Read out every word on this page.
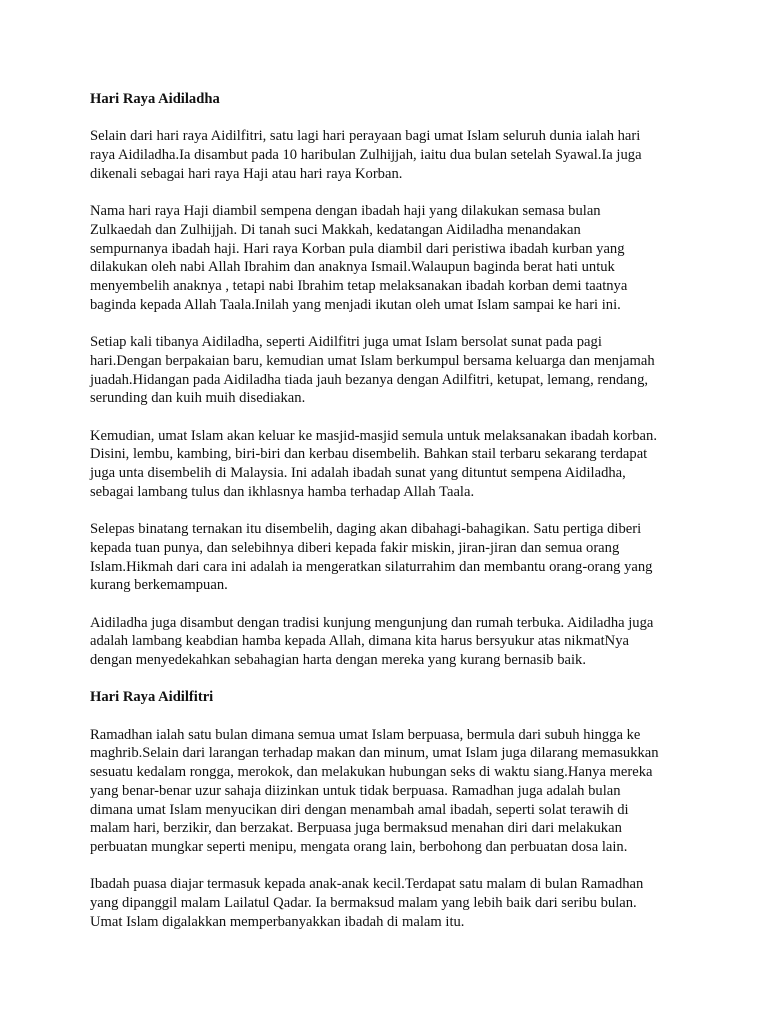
Hari Raya Aidiladha
Selain dari hari raya Aidilfitri, satu lagi hari perayaan bagi umat Islam seluruh dunia ialah hari
raya Aidiladha.Ia disambut pada 10 haribulan Zulhijjah, iaitu dua bulan setelah Syawal.Ia juga
dikenali sebagai hari raya Haji atau hari raya Korban.
Nama hari raya Haji diambil sempena dengan ibadah haji yang dilakukan semasa bulan
Zulkaedah dan Zulhijjah. Di tanah suci Makkah, kedatangan Aidiladha menandakan
sempurnanya ibadah haji. Hari raya Korban pula diambil dari peristiwa ibadah kurban yang
dilakukan oleh nabi Allah Ibrahim dan anaknya Ismail.Walaupun baginda berat hati untuk
menyembelih anaknya , tetapi nabi Ibrahim tetap melaksanakan ibadah korban demi taatnya
baginda kepada Allah Taala.Inilah yang menjadi ikutan oleh umat Islam sampai ke hari ini.
Setiap kali tibanya Aidiladha, seperti Aidilfitri juga umat Islam bersolat sunat pada pagi
hari.Dengan berpakaian baru, kemudian umat Islam berkumpul bersama keluarga dan menjamah
juadah.Hidangan pada Aidiladha tiada jauh bezanya dengan Adilfitri, ketupat, lemang, rendang,
serunding dan kuih muih disediakan.
Kemudian, umat Islam akan keluar ke masjid-masjid semula untuk melaksanakan ibadah korban.
Disini, lembu, kambing, biri-biri dan kerbau disembelih. Bahkan stail terbaru sekarang terdapat
juga unta disembelih di Malaysia. Ini adalah ibadah sunat yang dituntut sempena Aidiladha,
sebagai lambang tulus dan ikhlasnya hamba terhadap Allah Taala.
Selepas binatang ternakan itu disembelih, daging akan dibahagi-bahagikan. Satu pertiga diberi
kepada tuan punya, dan selebihnya diberi kepada fakir miskin, jiran-jiran dan semua orang
Islam.Hikmah dari cara ini adalah ia mengeratkan silaturrahim dan membantu orang-orang yang
kurang berkemampuan.
Aidiladha juga disambut dengan tradisi kunjung mengunjung dan rumah terbuka. Aidiladha juga
adalah lambang keabdian hamba kepada Allah, dimana kita harus bersyukur atas nikmatNya
dengan menyedekahkan sebahagian harta dengan mereka yang kurang bernasib baik.
Hari Raya Aidilfitri
Ramadhan ialah satu bulan dimana semua umat Islam berpuasa, bermula dari subuh hingga ke
maghrib.Selain dari larangan terhadap makan dan minum, umat Islam juga dilarang memasukkan
sesuatu kedalam rongga, merokok, dan melakukan hubungan seks di waktu siang.Hanya mereka
yang benar-benar uzur sahaja diizinkan untuk tidak berpuasa. Ramadhan juga adalah bulan
dimana umat Islam menyucikan diri dengan menambah amal ibadah, seperti solat terawih di
malam hari, berzikir, dan berzakat. Berpuasa juga bermaksud menahan diri dari melakukan
perbuatan mungkar seperti menipu, mengata orang lain, berbohong dan perbuatan dosa lain.
Ibadah puasa diajar termasuk kepada anak-anak kecil.Terdapat satu malam di bulan Ramadhan
yang dipanggil malam Lailatul Qadar. Ia bermaksud malam yang lebih baik dari seribu bulan.
Umat Islam digalakkan memperbanyakkan ibadah di malam itu.
